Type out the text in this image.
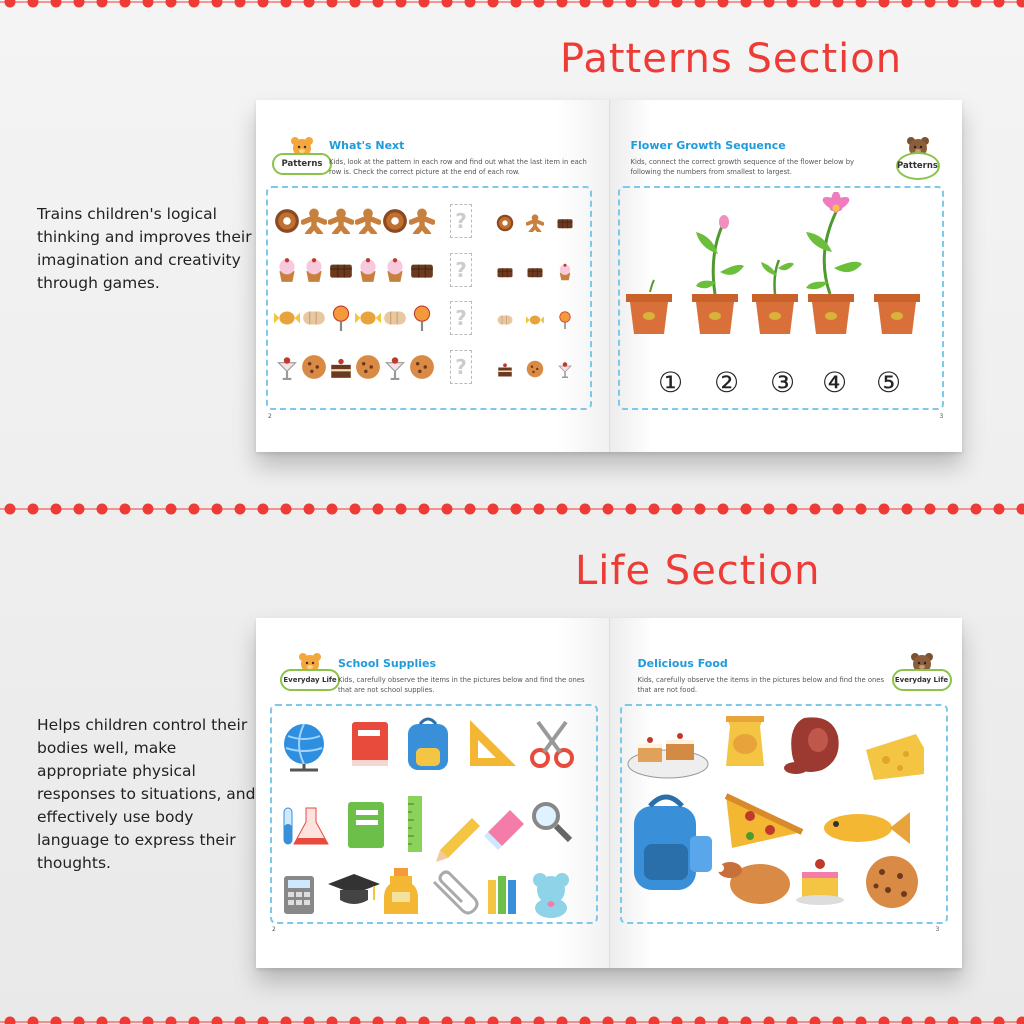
Patterns Section
Trains children's logical thinking and improves their imagination and creativity through games.
Patterns
What's Next
Kids, look at the pattern in each row and find out what the last item in each row is. Check the correct picture at the end of each row.
?
?
?
?
2
Flower Growth Sequence
Kids, connect the correct growth sequence of the flower below by following the numbers from smallest to largest.
Patterns
① ② ③ ④ ⑤
3
Life Section
Helps children control their bodies well, make appropriate physical responses to situations, and effectively use body language to express their thoughts.
Everyday Life
School Supplies
Kids, carefully observe the items in the pictures below and find the ones that are not school supplies.
2
Delicious Food
Kids, carefully observe the items in the pictures below and find the ones that are not food.
Everyday Life
3
